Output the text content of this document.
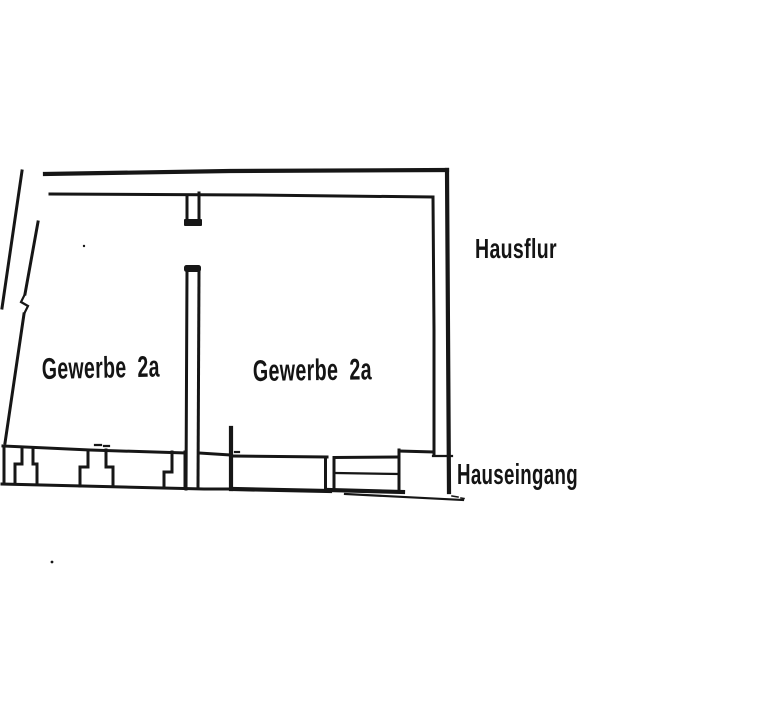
Gewerbe 2a Gewerbe 2a
Hausflur
Hauseingang
